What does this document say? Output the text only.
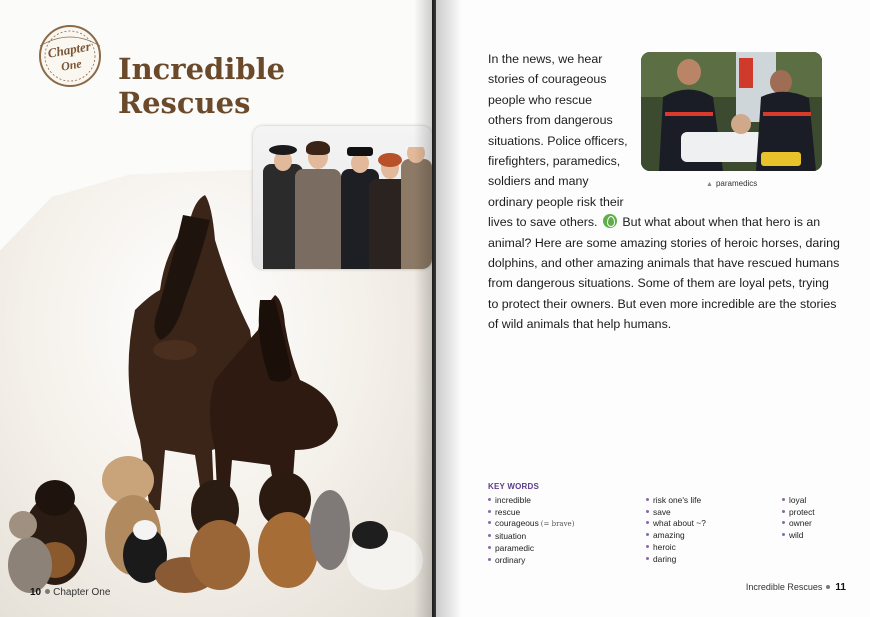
Chapter
One Incredible
Rescues
10 Chapter One
In the news, we hear
stories of courageous
people who rescue
others from dangerous
situations. Police officers,
firefighters, paramedics,
soldiers and many
ordinary people risk their
lives to save others. But what about when that hero is an
animal? Here are some amazing stories of heroic horses, daring
dolphins, and other amazing animals that have rescued humans
from dangerous situations. Some of them are loyal pets, trying
to protect their owners. But even more incredible are the stories
of wild animals that help humans.
▲ paramedics
KEY WORDS
incredible
rescue
courageous (= brave)
situation
paramedic
ordinary
risk one's life
save
what about ~?
amazing
heroic
daring
loyal
protect
owner
wild
Incredible Rescues 11
